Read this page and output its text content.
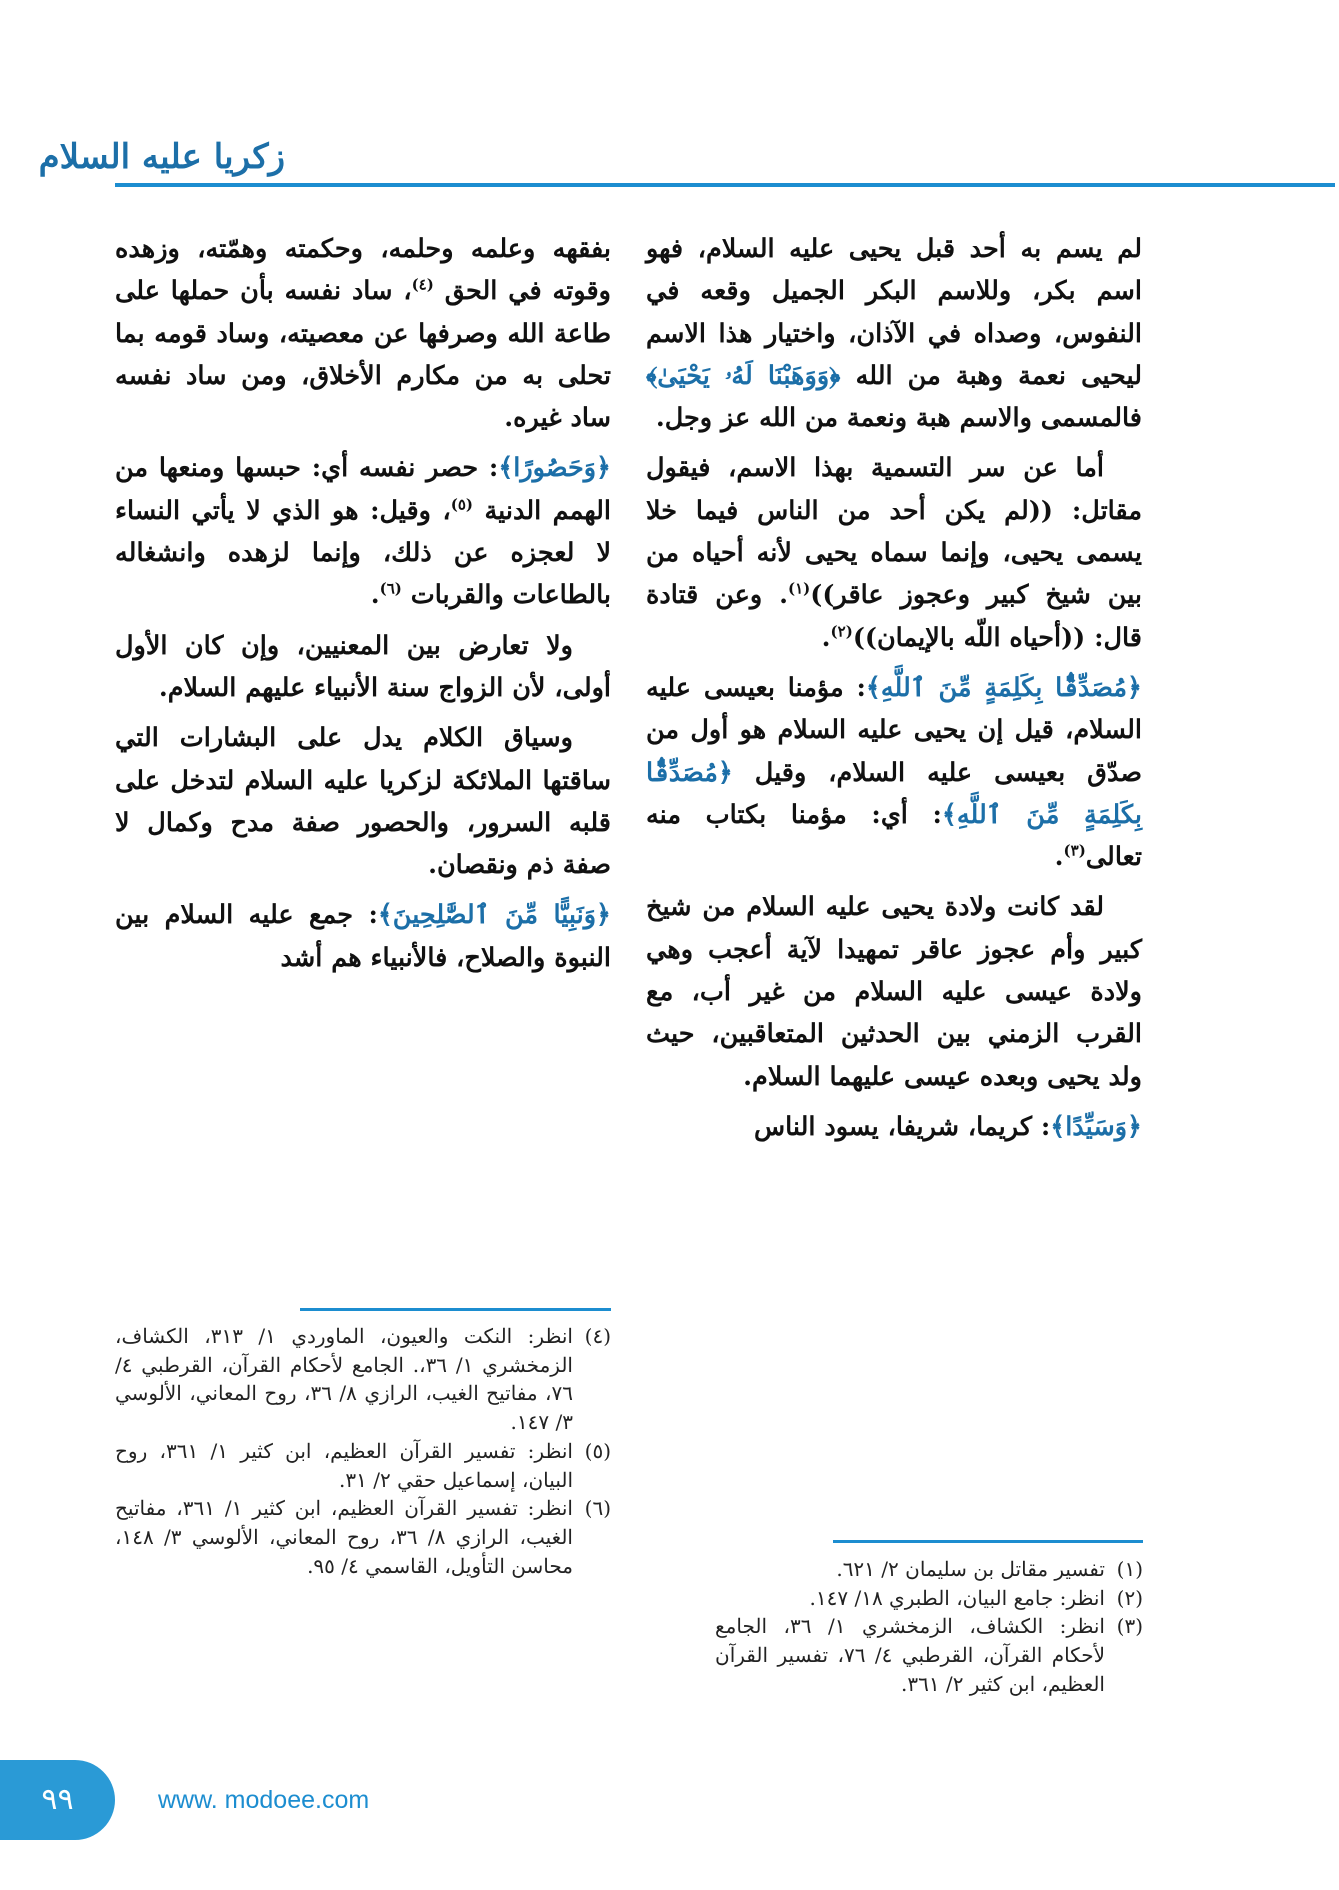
زكريا عليه السلام

لم يسم به أحد قبل يحيى عليه السلام، فهو اسم بكر، وللاسم البكر الجميل وقعه في النفوس، وصداه في الآذان، واختيار هذا الاسم ليحيى نعمة وهبة من الله ﴿وَوَهَبْنَا لَهُۥ يَحْيَىٰ﴾ فالمسمى والاسم هبة ونعمة من الله عز وجل.

أما عن سر التسمية بهذا الاسم، فيقول مقاتل: ((لم يكن أحد من الناس فيما خلا يسمى يحيى، وإنما سماه يحيى لأنه أحياه من بين شيخ كبير وعجوز عاقر))$^{(١)}$. وعن قتادة قال: ((أحياه اللّه بالإيمان))$^{(٢)}$.

﴿مُصَدِّقًۢا بِكَلِمَةٍ مِّنَ ٱللَّهِ﴾: مؤمنا بعيسى عليه السلام، قيل إن يحيى عليه السلام هو أول من صدّق بعيسى عليه السلام، وقيل ﴿مُصَدِّقًۢا بِكَلِمَةٍ مِّنَ ٱللَّهِ﴾: أي: مؤمنا بكتاب منه تعالى$^{(٣)}$.

لقد كانت ولادة يحيى عليه السلام من شيخ كبير وأم عجوز عاقر تمهيدا لآية أعجب وهي ولادة عيسى عليه السلام من غير أب، مع القرب الزمني بين الحدثين المتعاقبين، حيث ولد يحيى وبعده عيسى عليهما السلام.

﴿وَسَيِّدًا﴾: كريما، شريفا، يسود الناس

بفقهه وعلمه وحلمه، وحكمته وهمّته، وزهده وقوته في الحق $^{(٤)}$، ساد نفسه بأن حملها على طاعة الله وصرفها عن معصيته، وساد قومه بما تحلى به من مكارم الأخلاق، ومن ساد نفسه ساد غيره.

﴿وَحَصُورًا﴾: حصر نفسه أي: حبسها ومنعها من الهمم الدنية $^{(٥)}$، وقيل: هو الذي لا يأتي النساء لا لعجزه عن ذلك، وإنما لزهده وانشغاله بالطاعات والقربات $^{(٦)}$.

ولا تعارض بين المعنيين، وإن كان الأول أولى، لأن الزواج سنة الأنبياء عليهم السلام.

وسياق الكلام يدل على البشارات التي ساقتها الملائكة لزكريا عليه السلام لتدخل على قلبه السرور، والحصور صفة مدح وكمال لا صفة ذم ونقصان.

﴿وَنَبِيًّا مِّنَ ٱلصَّٰلِحِينَ﴾: جمع عليه السلام بين النبوة والصلاح، فالأنبياء هم أشد

(١)
تفسير مقاتل بن سليمان ٢/ ٦٢١.
(٢)
انظر: جامع البيان، الطبري ١٨/ ١٤٧.
(٣)
انظر: الكشاف، الزمخشري ١/ ٣٦، الجامع لأحكام القرآن، القرطبي ٤/ ٧٦، تفسير القرآن العظيم، ابن كثير ٢/ ٣٦١.
(٤)
انظر: النكت والعيون، الماوردي ١/ ٣١٣، الكشاف، الزمخشري ١/ ٣٦،. الجامع لأحكام القرآن، القرطبي ٤/ ٧٦، مفاتيح الغيب، الرازي ٨/ ٣٦، روح المعاني، الألوسي ٣/ ١٤٧.
(٥)
انظر: تفسير القرآن العظيم، ابن كثير ١/ ٣٦١، روح البيان، إسماعيل حقي ٢/ ٣١.
(٦)
انظر: تفسير القرآن العظيم، ابن كثير ١/ ٣٦١، مفاتيح الغيب، الرازي ٨/ ٣٦، روح المعاني، الألوسي ٣/ ١٤٨، محاسن التأويل، القاسمي ٤/ ٩٥.
٩٩	www. modoee.com
